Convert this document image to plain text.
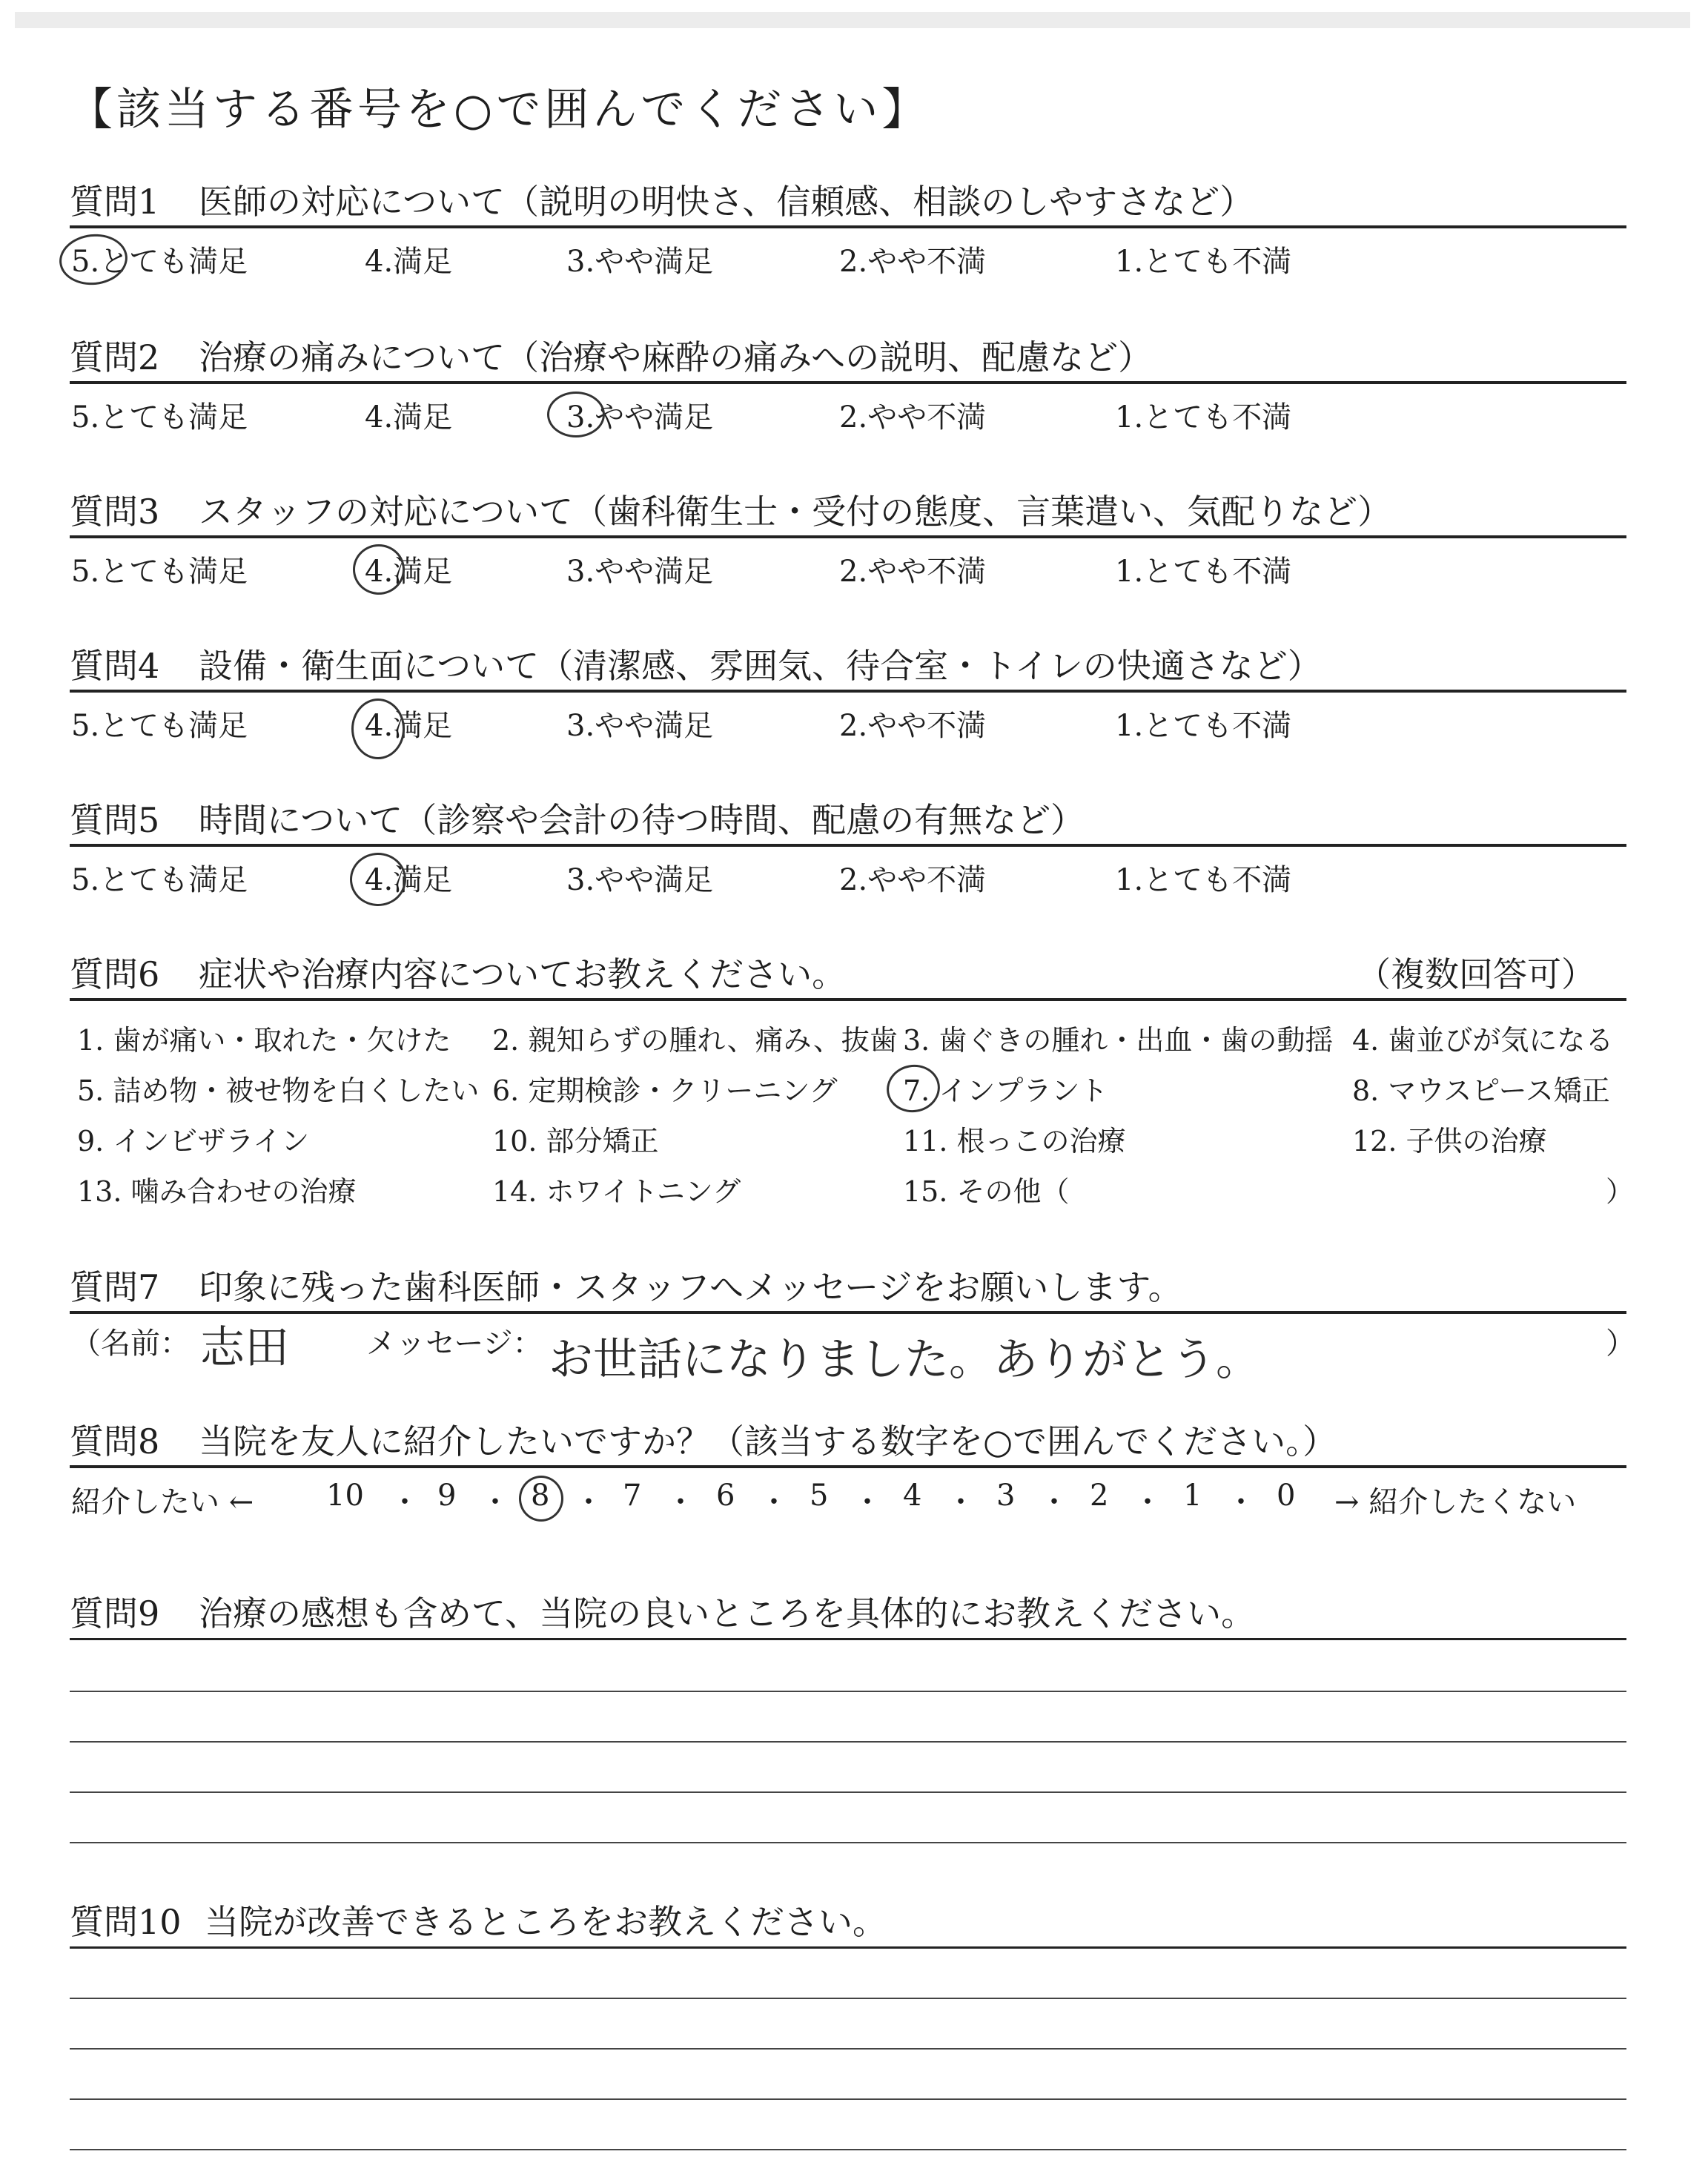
【該当する番号を○で囲んでください】
質問1 医師の対応について（説明の明快さ、信頼感、相談のしやすさなど）
5.とても満足	4.満足	3.やや満足	2.やや不満	1.とても不満
質問2 治療の痛みについて（治療や麻酔の痛みへの説明、配慮など）
5.とても満足	4.満足	3.やや満足	2.やや不満	1.とても不満
質問3 スタッフの対応について（歯科衛生士・受付の態度、言葉遣い、気配りなど）
5.とても満足	4.満足	3.やや満足	2.やや不満	1.とても不満
質問4 設備・衛生面について（清潔感、雰囲気、待合室・トイレの快適さなど）
5.とても満足	4.満足	3.やや満足	2.やや不満	1.とても不満
質問5 時間について（診察や会計の待つ時間、配慮の有無など）
5.とても満足	4.満足	3.やや満足	2.やや不満	1.とても不満
質問6 症状や治療内容についてお教えください。	（複数回答可）
1. 歯が痛い・取れた・欠けた 2. 親知らずの腫れ、痛み、抜歯 3. 歯ぐきの腫れ・出血・歯の動揺 4. 歯並びが気になる
5. 詰め物・被せ物を白くしたい 6. 定期検診・クリーニング 7. インプラント	8. マウスピース矯正
9. インビザライン	10. 部分矯正	11. 根っこの治療	12. 子供の治療
13. 噛み合わせの治療	14. ホワイトニング	15. その他（	）
質問7 印象に残った歯科医師・スタッフへメッセージをお願いします。
（名前： 志田	メッセージ： お世話になりました。ありがとう。	）
質問8 当院を友人に紹介したいですか？（該当する数字を○で囲んでください。）
紹介したい ← 10 ・ 9 ・ 8 ・ 7 ・ 6 ・ 5 ・ 4 ・ 3 ・ 2 ・ 1 ・ 0 → 紹介したくない
質問9 治療の感想も含めて、当院の良いところを具体的にお教えください。
質問10 当院が改善できるところをお教えください。
